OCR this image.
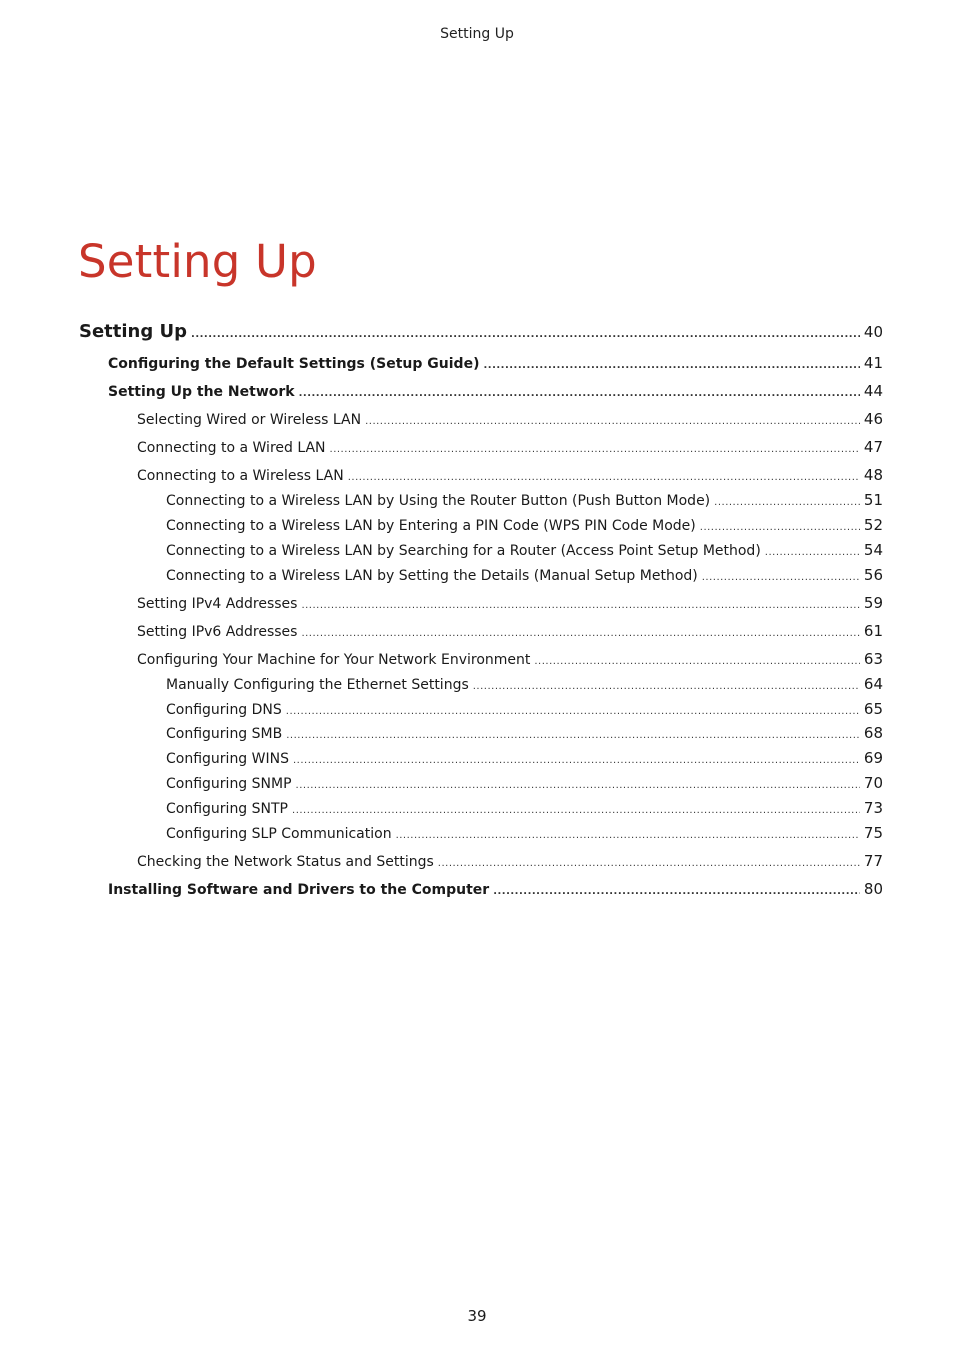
Setting Up
Setting Up
Setting Up .....	40
Configuring the Default Settings (Setup Guide) .....	41
Setting Up the Network .....	44
Selecting Wired or Wireless LAN .....	46
Connecting to a Wired LAN .....	47
Connecting to a Wireless LAN .....	48
Connecting to a Wireless LAN by Using the Router Button (Push Button Mode) .....	51
Connecting to a Wireless LAN by Entering a PIN Code (WPS PIN Code Mode) .....	52
Connecting to a Wireless LAN by Searching for a Router (Access Point Setup Method) .....	54
Connecting to a Wireless LAN by Setting the Details (Manual Setup Method) .....	56
Setting IPv4 Addresses .....	59
Setting IPv6 Addresses .....	61
Configuring Your Machine for Your Network Environment .....	63
Manually Configuring the Ethernet Settings .....	64
Configuring DNS .....	65
Configuring SMB .....	68
Configuring WINS .....	69
Configuring SNMP .....	70
Configuring SNTP .....	73
Configuring SLP Communication .....	75
Checking the Network Status and Settings .....	77
Installing Software and Drivers to the Computer .....	80
39
